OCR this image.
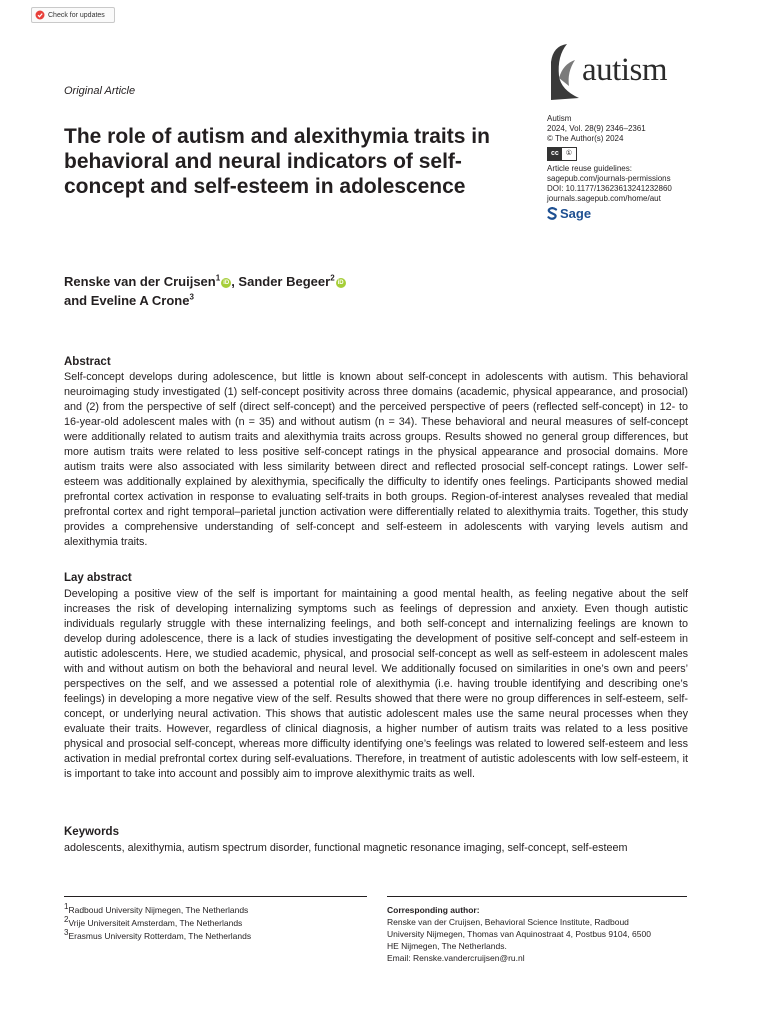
Check for updates
Original Article
The role of autism and alexithymia traits in behavioral and neural indicators of self-concept and self-esteem in adolescence
Renske van der Cruijsen$^1$ iD , Sander Begeer$^2$ iD
and Eveline A Crone$^3$
autism
Autism
2024, Vol. 28(9) 2346–2361
© The Author(s) 2024
cc	①
Article reuse guidelines:
sagepub.com/journals-permissions
DOI: 10.1177/13623613241232860
journals.sagepub.com/home/aut
Sage
Abstract

Self-concept develops during adolescence, but little is known about self-concept in adolescents with autism. This behavioral neuroimaging study investigated (1) self-concept positivity across three domains (academic, physical appearance, and prosocial) and (2) from the perspective of self (direct self-concept) and the perceived perspective of peers (reflected self-concept) in 12- to 16-year-old adolescent males with (n = 35) and without autism (n = 34). These behavioral and neural measures of self-concept were additionally related to autism traits and alexithymia traits across groups. Results showed no general group differences, but more autism traits were related to less positive self-concept ratings in the physical appearance and prosocial domains. More autism traits were also associated with less similarity between direct and reflected prosocial self-concept ratings. Lower self-esteem was additionally explained by alexithymia, specifically the difficulty to identify ones feelings. Participants showed medial prefrontal cortex activation in response to evaluating self-traits in both groups. Region-of-interest analyses revealed that medial prefrontal cortex and right temporal–parietal junction activation were differentially related to alexithymia traits. Together, this study provides a comprehensive understanding of self-concept and self-esteem in adolescents with varying levels autism and alexithymia traits.

Lay abstract

Developing a positive view of the self is important for maintaining a good mental health, as feeling negative about the self increases the risk of developing internalizing symptoms such as feelings of depression and anxiety. Even though autistic individuals regularly struggle with these internalizing feelings, and both self-concept and internalizing feelings are known to develop during adolescence, there is a lack of studies investigating the development of positive self-concept and self-esteem in autistic adolescents. Here, we studied academic, physical, and prosocial self-concept as well as self-esteem in adolescent males with and without autism on both the behavioral and neural level. We additionally focused on similarities in one’s own and peers’ perspectives on the self, and we assessed a potential role of alexithymia (i.e. having trouble identifying and describing one’s feelings) in developing a more negative view of the self. Results showed that there were no group differences in self-esteem, self-concept, or underlying neural activation. This shows that autistic adolescent males use the same neural processes when they evaluate their traits. However, regardless of clinical diagnosis, a higher number of autism traits was related to a less positive physical and prosocial self-concept, whereas more difficulty identifying one’s feelings was related to lowered self-esteem and less activation in medial prefrontal cortex during self-evaluations. Therefore, in treatment of autistic adolescents with low self-esteem, it is important to take into account and possibly aim to improve alexithymic traits as well.

Keywords

adolescents, alexithymia, autism spectrum disorder, functional magnetic resonance imaging, self-concept, self-esteem

$^1$Radboud University Nijmegen, The Netherlands
$^2$Vrije Universiteit Amsterdam, The Netherlands
$^3$Erasmus University Rotterdam, The Netherlands
Corresponding author:
Renske van der Cruijsen, Behavioral Science Institute, Radboud
University Nijmegen, Thomas van Aquinostraat 4, Postbus 9104, 6500
HE Nijmegen, The Netherlands.
Email: Renske.vandercruijsen@ru.nl
